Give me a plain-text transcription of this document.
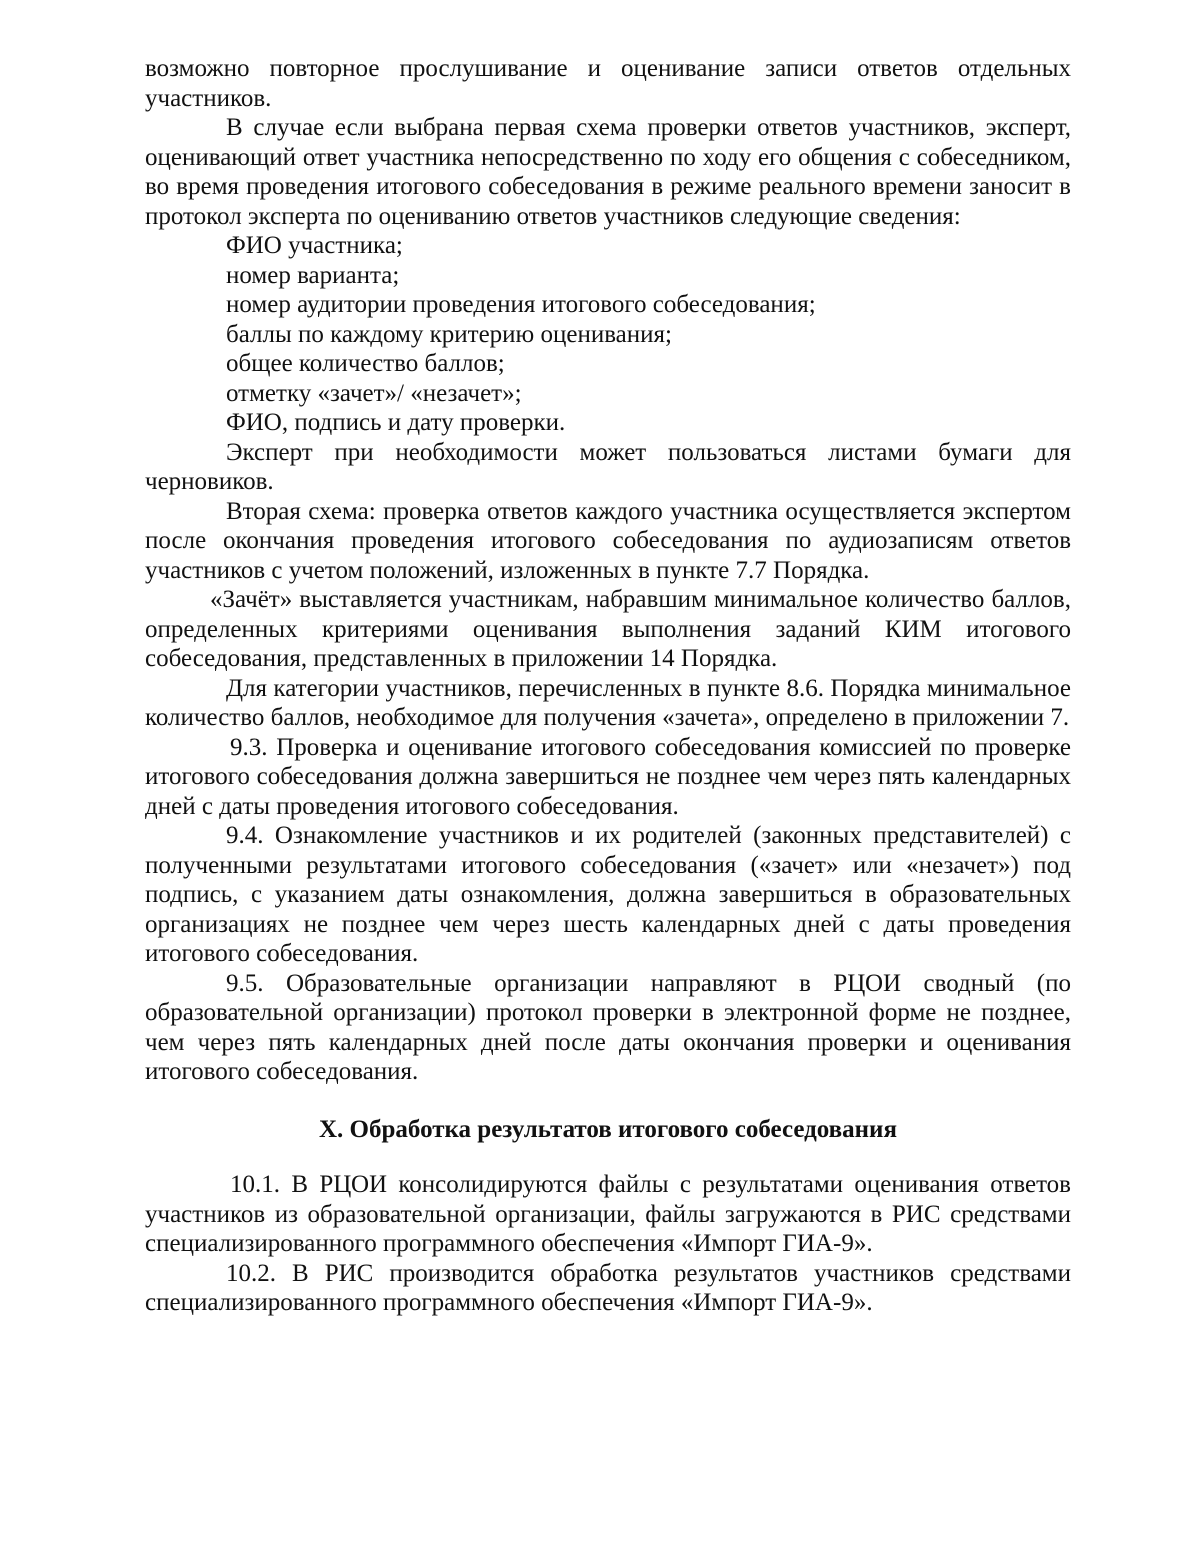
возможно повторное прослушивание и оценивание записи ответов отдельных участников.

В случае если выбрана первая схема проверки ответов участников, эксперт, оценивающий ответ участника непосредственно по ходу его общения с собеседником, во время проведения итогового собеседования в режиме реального времени заносит в протокол эксперта по оцениванию ответов участников следующие сведения:

ФИО участника;
номер варианта;
номер аудитории проведения итогового собеседования;
баллы по каждому критерию оценивания;
общее количество баллов;
отметку «зачет»/ «незачет»;
ФИО, подпись и дату проверки.

Эксперт при необходимости может пользоваться листами бумаги для черновиков.

Вторая схема: проверка ответов каждого участника осуществляется экспертом после окончания проведения итогового собеседования по аудиозаписям ответов участников с учетом положений, изложенных в пункте 7.7 Порядка.

«Зачёт» выставляется участникам, набравшим минимальное количество баллов, определенных критериями оценивания выполнения заданий КИМ итогового собеседования, представленных в приложении 14 Порядка.

Для категории участников, перечисленных в пункте 8.6. Порядка минимальное количество баллов, необходимое для получения «зачета», определено в приложении 7.

9.3. Проверка и оценивание итогового собеседования комиссией по проверке итогового собеседования должна завершиться не позднее чем через пять календарных дней с даты проведения итогового собеседования.

9.4. Ознакомление участников и их родителей (законных представителей) с полученными результатами итогового собеседования («зачет» или «незачет») под подпись, с указанием даты ознакомления, должна завершиться в образовательных организациях не позднее чем через шесть календарных дней с даты проведения итогового собеседования.

9.5. Образовательные организации направляют в РЦОИ сводный (по образовательной организации) протокол проверки в электронной форме не позднее, чем через пять календарных дней после даты окончания проверки и оценивания итогового собеседования.

X. Обработка результатов итогового собеседования

10.1. В РЦОИ консолидируются файлы с результатами оценивания ответов участников из образовательной организации, файлы загружаются в РИС средствами специализированного программного обеспечения «Импорт ГИА-9».

10.2. В РИС производится обработка результатов участников средствами специализированного программного обеспечения «Импорт ГИА-9».
